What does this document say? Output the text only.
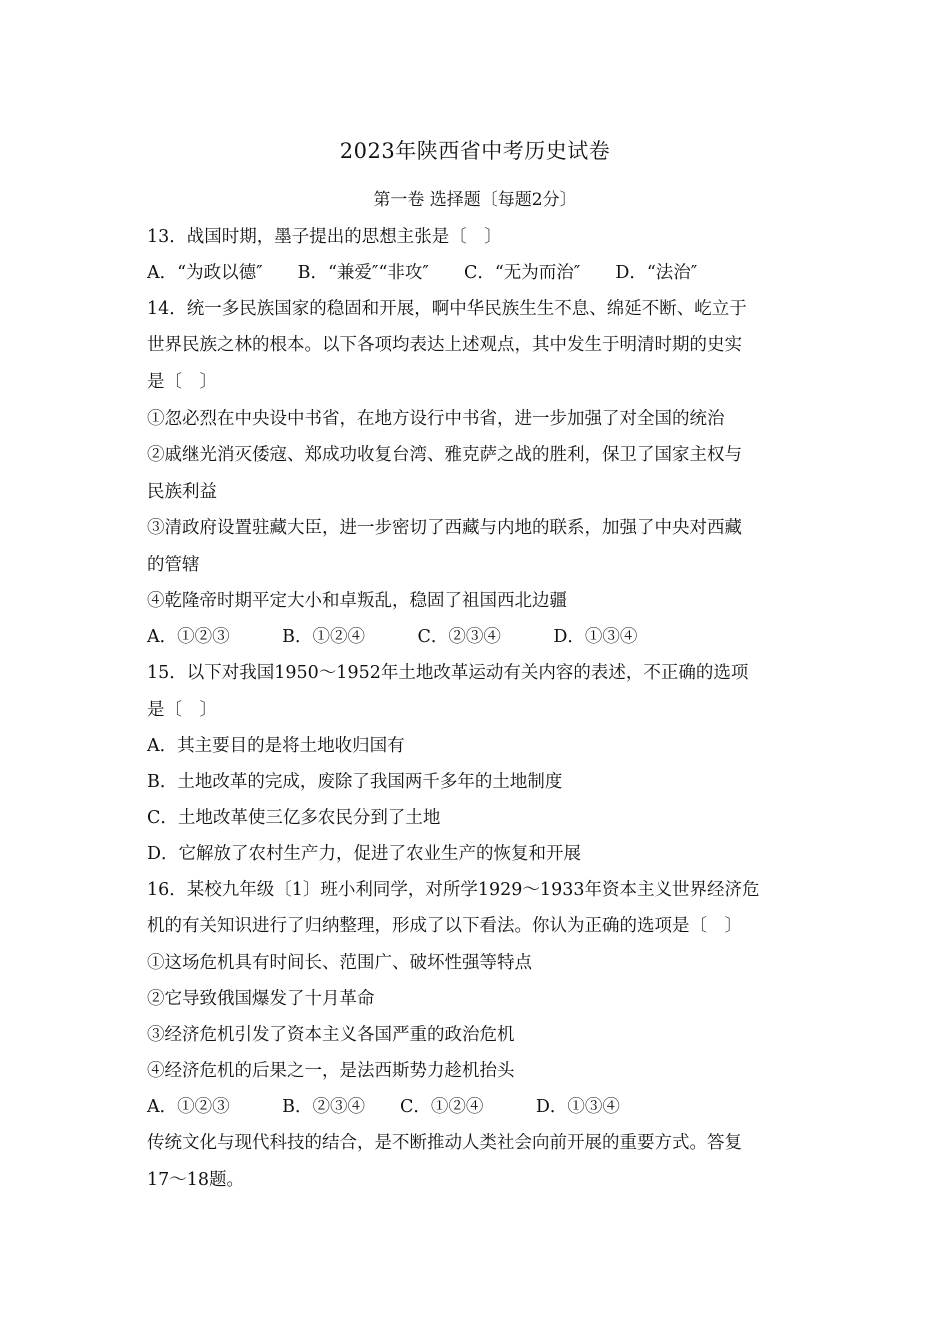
2023年陕西省中考历史试卷
第一卷 选择题〔每题2分〕
13．战国时期，墨子提出的思想主张是〔　〕
A．“为政以德″　　B．“兼爱″“非攻″　　C．“无为而治″　　D．“法治″
14．统一多民族国家的稳固和开展，啊中华民族生生不息、绵延不断、屹立于
世界民族之林的根本。以下各项均表达上述观点，其中发生于明清时期的史实
是〔　〕
①忽必烈在中央设中书省，在地方设行中书省，进一步加强了对全国的统治
②戚继光消灭倭寇、郑成功收复台湾、雅克萨之战的胜利，保卫了国家主权与
民族利益
③清政府设置驻藏大臣，进一步密切了西藏与内地的联系，加强了中央对西藏
的管辖
④乾隆帝时期平定大小和卓叛乱，稳固了祖国西北边疆
A．①②③　　　B．①②④　　　C．②③④　　　D．①③④
15．以下对我国1950～1952年土地改革运动有关内容的表述，不正确的选项
是〔　〕
A．其主要目的是将土地收归国有
B．土地改革的完成，废除了我国两千多年的土地制度
C．土地改革使三亿多农民分到了土地
D．它解放了农村生产力，促进了农业生产的恢复和开展
16．某校九年级〔1〕班小利同学，对所学1929～1933年资本主义世界经济危
机的有关知识进行了归纳整理，形成了以下看法。你认为正确的选项是〔　〕
①这场危机具有时间长、范围广、破坏性强等特点
②它导致俄国爆发了十月革命
③经济危机引发了资本主义各国严重的政治危机
④经济危机的后果之一，是法西斯势力趁机抬头
A．①②③　　　B．②③④　　C．①②④　　　D．①③④
传统文化与现代科技的结合，是不断推动人类社会向前开展的重要方式。答复
17～18题。
